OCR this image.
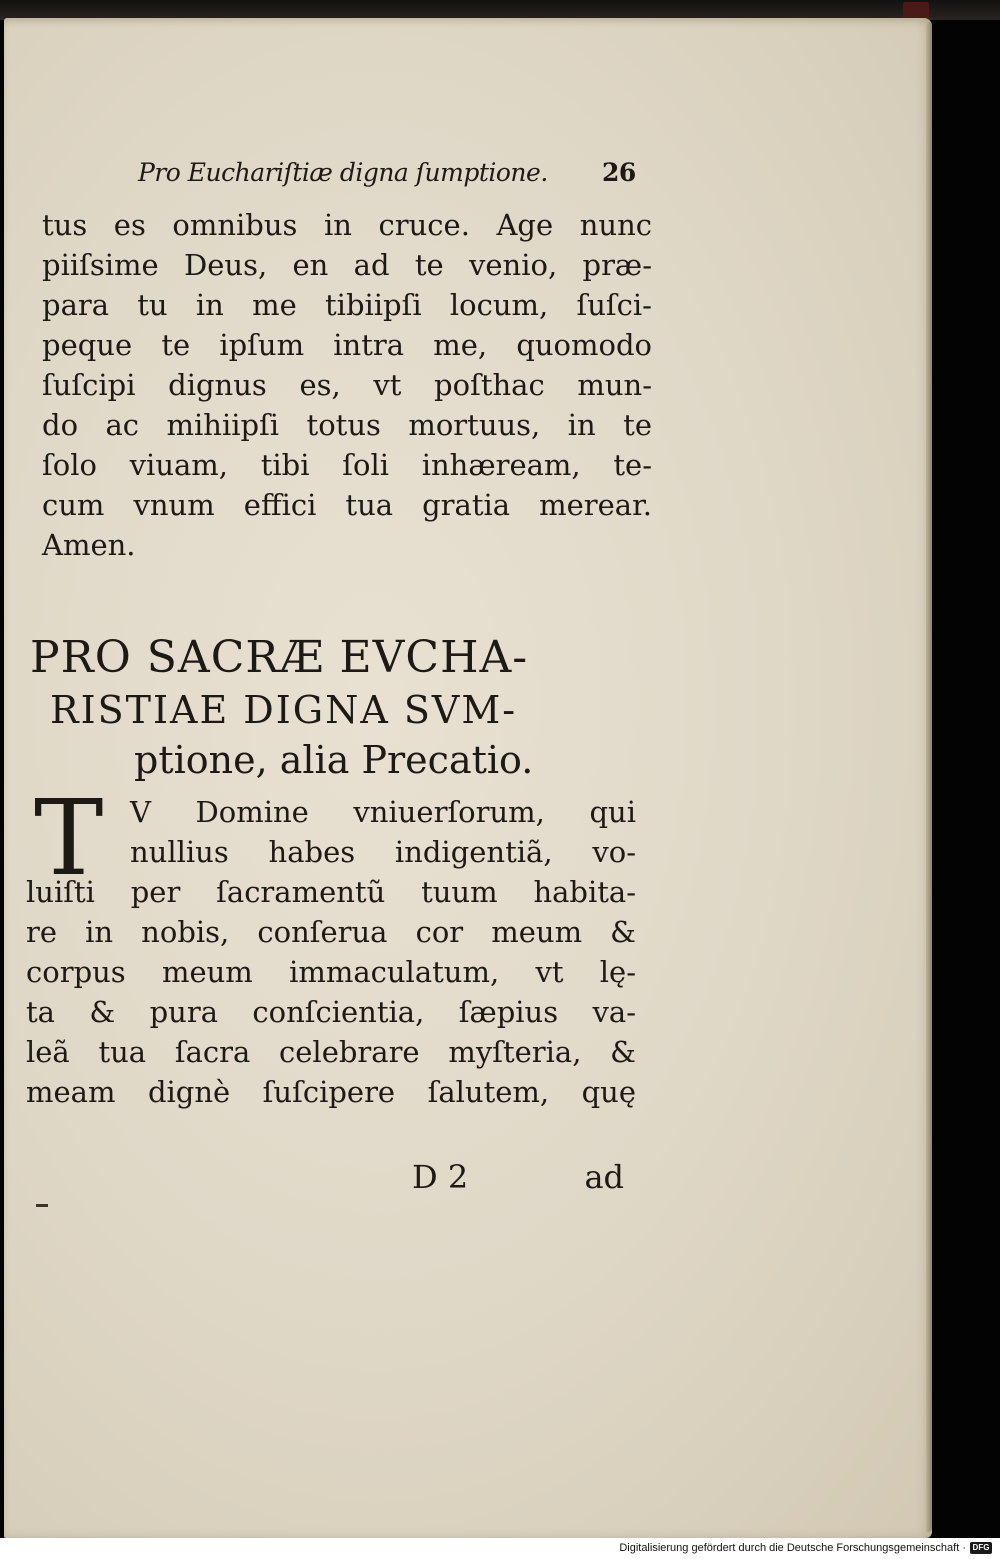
Pro Euchariſtiæ digna ſumptione. 26
tus es omnibus in cruce. Age nunc
piiſsime Deus, en ad te venio, præ-
para tu in me tibiipſi locum, ſuſci-
peque te ipſum intra me, quomodo
ſuſcipi dignus es, vt poſthac mun-
do ac mihiipſi totus mortuus, in te
ſolo viuam, tibi ſoli inhæream, te-
cum vnum effici tua gratia merear.
Amen.
PRO SACRÆ EVCHA-
RISTIAE DIGNA SVM-
ptione, alia Precatio.
T V Domine vniuerſorum, qui
nullius habes indigentiã, vo-
luiſti per ſacramentũ tuum habita-
re in nobis, conſerua cor meum &
corpus meum immaculatum, vt lę-
ta & pura conſcientia, ſæpius va-
leã tua ſacra celebrare myſteria, &
meam dignè ſuſcipere ſalutem, quę
D 2	ad
Digitalisierung gefördert durch die Deutsche Forschungsgemeinschaft · DFG
